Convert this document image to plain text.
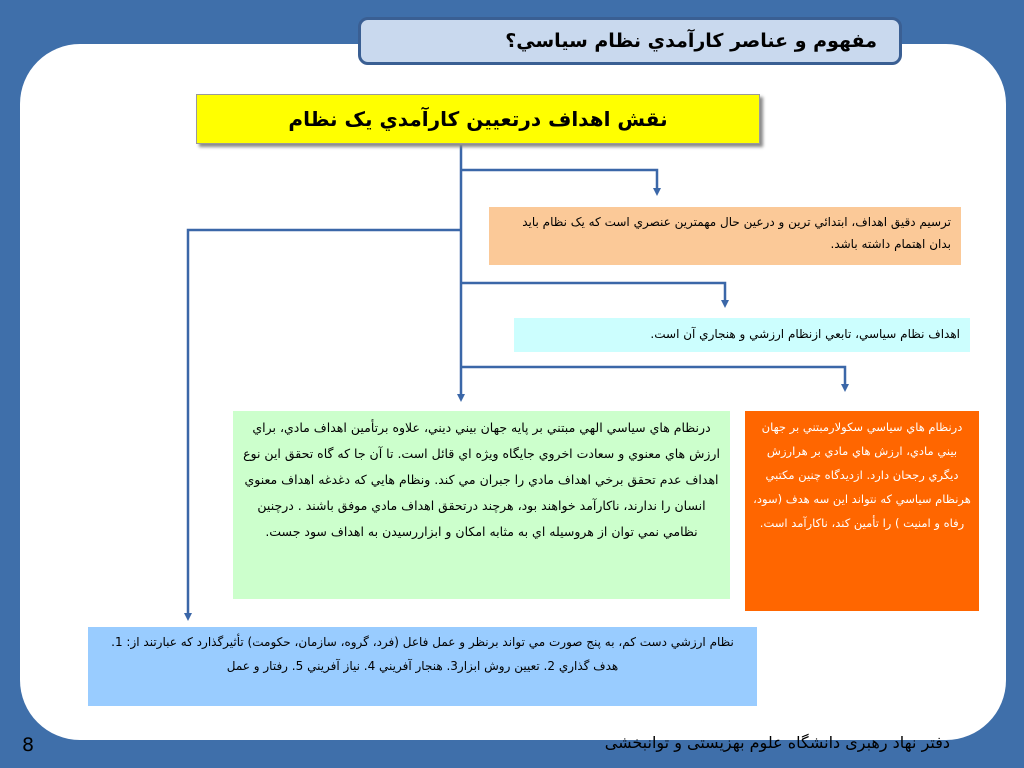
مفهوم و عناصر کارآمدي نظام سياسي؟
نقش اهداف درتعيين کارآمدي يک نظام
ترسيم دقيق اهداف، ابتدائي ترين و درعين حال مهمترين عنصري است که يک نظام بايد بدان اهتمام داشته باشد.
اهداف نظام سياسي، تابعي ازنظام ارزشي و هنجاري آن است.
درنظام هاي سياسي الهي مبتني بر پايه جهان بيني ديني، علاوه برتأمين اهداف مادي، براي ارزش هاي معنوي و سعادت اخروي جايگاه ويژه اي قائل است. تا آن جا که گاه تحقق اين نوع اهداف عدم تحقق برخي اهداف مادي را جبران مي کند. ونظام هايي که دغدغه اهداف معنوي انسان را ندارند، ناکارآمد خواهند بود، هرچند درتحقق اهداف مادي موفق باشند . درچنين نظامي نمي توان از هروسيله اي به مثابه امکان و ابزاررسيدن به اهداف سود جست.
درنظام هاي سياسي سکولارمبتني بر جهان بيني مادي، ارزش هاي مادي بر هرارزش ديگري رجحان دارد. ازديدگاه چنين مکتبي هرنظام سياسي که نتواند اين سه هدف (سود، رفاه و امنيت ) را تأمين کند، ناکارآمد است.
نظام ارزشي دست کم، به پنج صورت مي تواند برنظر و عمل فاعل (فرد، گروه، سازمان، حکومت) تأثيرگذارد که عبارتند از: 1. هدف گذاري 2. تعيين روش ابزار3. هنجار آفريني 4. نياز آفريني 5. رفتار و عمل
دفتر نهاد رهبری دانشگاه علوم بهزیستی و توانبخشی
8
